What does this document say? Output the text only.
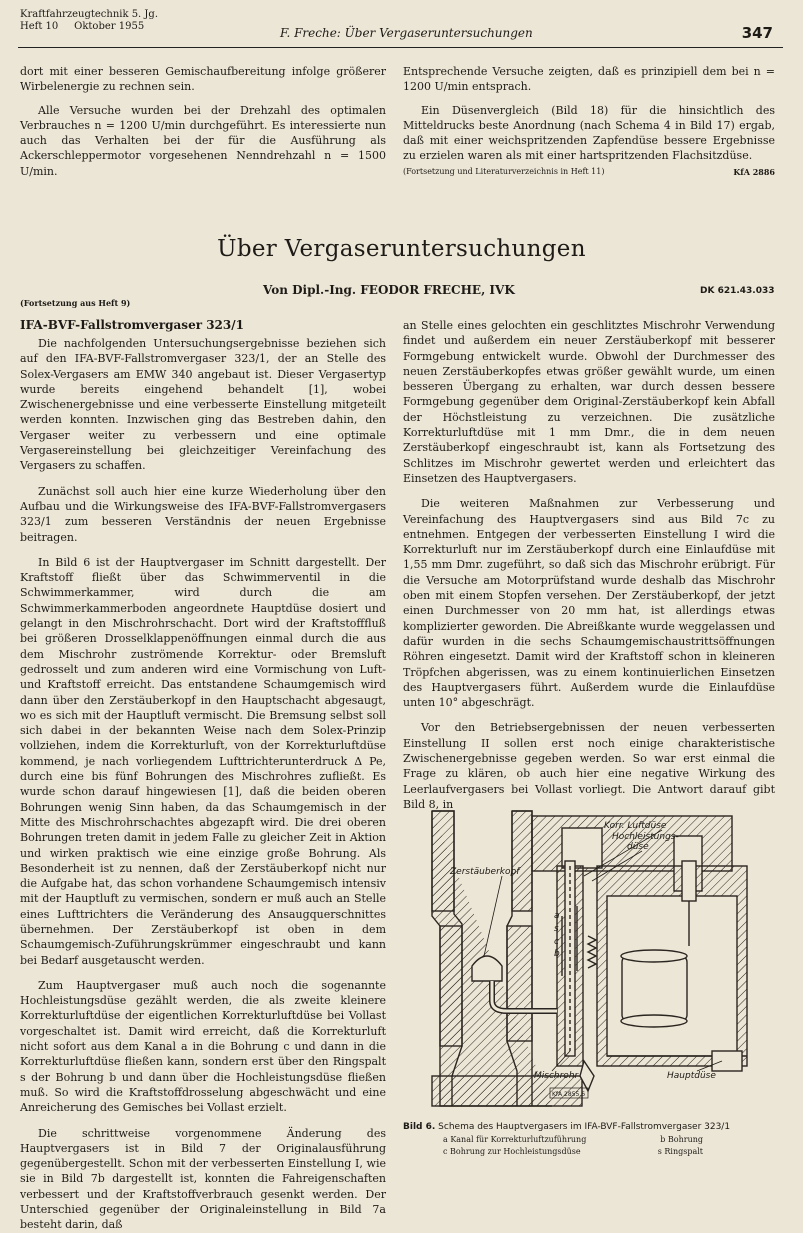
Kraftfahrzeugtechnik 5. Jg.
Heft 10     Oktober 1955	F. Freche: Über Vergaseruntersuchungen	347

dort mit einer besseren Gemischaufbereitung infolge größerer Wirbelenergie zu rechnen sein.

Alle Versuche wurden bei der Drehzahl des optimalen Verbrauches n = 1200 U/min durchgeführt. Es interessierte nun auch das Verhalten bei der für die Ausführung als Ackerschleppermotor vorgesehenen Nenndrehzahl n = 1500 U/min.

Entsprechende Versuche zeigten, daß es prinzipiell dem bei n = 1200 U/min entsprach.

Ein Düsenvergleich (Bild 18) für die hinsichtlich des Mitteldrucks beste Anordnung (nach Schema 4 in Bild 17) ergab, daß mit einer weichspritzenden Zapfendüse bessere Ergebnisse zu erzielen waren als mit einer hartspritzenden Flachsitzdüse.

(Fortsetzung und Literaturverzeichnis in Heft 11)	KfA 2886
Über Vergaseruntersuchungen
Von Dipl.-Ing. FEODOR FRECHE, IVK	DK 621.43.033
(Fortsetzung aus Heft 9)

IFA-BVF-Fallstromvergaser 323/1

Die nachfolgenden Untersuchungsergebnisse beziehen sich auf den IFA-BVF-Fallstromvergaser 323/1, der an Stelle des Solex-Vergasers am EMW 340 angebaut ist. Dieser Vergasertyp wurde bereits eingehend behandelt [1], wobei Zwischenergebnisse und eine verbesserte Einstellung mitgeteilt werden konnten. Inzwischen ging das Bestreben dahin, den Vergaser weiter zu verbessern und eine optimale Vergasereinstellung bei gleichzeitiger Vereinfachung des Vergasers zu schaffen.

Zunächst soll auch hier eine kurze Wiederholung über den Aufbau und die Wirkungsweise des IFA-BVF-Fallstromvergasers 323/1 zum besseren Verständnis der neuen Ergebnisse beitragen.

In Bild 6 ist der Hauptvergaser im Schnitt dargestellt. Der Kraftstoff fließt über das Schwimmerventil in die Schwimmerkammer, wird durch die am Schwimmerkammerboden angeordnete Hauptdüse dosiert und gelangt in den Mischrohrschacht. Dort wird der Kraftstofffluß bei größeren Drosselklappenöffnungen einmal durch die aus dem Mischrohr zuströmende Korrektur- oder Bremsluft gedrosselt und zum anderen wird eine Vormischung von Luft- und Kraftstoff erreicht. Das entstandene Schaumgemisch wird dann über den Zerstäuberkopf in den Hauptschacht abgesaugt, wo es sich mit der Hauptluft vermischt. Die Bremsung selbst soll sich dabei in der bekannten Weise nach dem Solex-Prinzip vollziehen, indem die Korrekturluft, von der Korrekturluftdüse kommend, je nach vorliegendem Lufttrichterunterdruck Δ Pe, durch eine bis fünf Bohrungen des Mischrohres zufließt. Es wurde schon darauf hingewiesen [1], daß die beiden oberen Bohrungen wenig Sinn haben, da das Schaumgemisch in der Mitte des Mischrohrschachtes abgezapft wird. Die drei oberen Bohrungen treten damit in jedem Falle zu gleicher Zeit in Aktion und wirken praktisch wie eine einzige große Bohrung. Als Besonderheit ist zu nennen, daß der Zerstäuberkopf nicht nur die Aufgabe hat, das schon vorhandene Schaumgemisch intensiv mit der Hauptluft zu vermischen, sondern er muß auch an Stelle eines Lufttrichters die Veränderung des Ansaugquerschnittes übernehmen. Der Zerstäuberkopf ist oben in dem Schaumgemisch-Zuführungskrümmer eingeschraubt und kann bei Bedarf ausgetauscht werden.

Zum Hauptvergaser muß auch noch die sogenannte Hochleistungsdüse gezählt werden, die als zweite kleinere Korrekturluftdüse der eigentlichen Korrekturluftdüse bei Vollast vorgeschaltet ist. Damit wird erreicht, daß die Korrekturluft nicht sofort aus dem Kanal a in die Bohrung c und dann in die Korrekturluftdüse fließen kann, sondern erst über den Ringspalt s der Bohrung b und dann über die Hochleistungsdüse fließen muß. So wird die Kraftstoffdrosselung abgeschwächt und eine Anreicherung des Gemisches bei Vollast erzielt.

Die schrittweise vorgenommene Änderung des Hauptvergasers ist in Bild 7 der Originalausführung gegenübergestellt. Schon mit der verbesserten Einstellung I, wie sie in Bild 7b dargestellt ist, konnten die Fahreigenschaften verbessert und der Kraftstoffverbrauch gesenkt werden. Der Unterschied gegenüber der Originaleinstellung in Bild 7a besteht darin, daß

an Stelle eines gelochten ein geschlitztes Mischrohr Verwendung findet und außerdem ein neuer Zerstäuberkopf mit besserer Formgebung entwickelt wurde. Obwohl der Durchmesser des neuen Zerstäuberkopfes etwas größer gewählt wurde, um einen besseren Übergang zu erhalten, war durch dessen bessere Formgebung gegenüber dem Original-Zerstäuberkopf kein Abfall der Höchstleistung zu verzeichnen. Die zusätzliche Korrekturluftdüse mit 1 mm Dmr., die in dem neuen Zerstäuberkopf eingeschraubt ist, kann als Fortsetzung des Schlitzes im Mischrohr gewertet werden und erleichtert das Einsetzen des Hauptvergasers.

Die weiteren Maßnahmen zur Verbesserung und Vereinfachung des Hauptvergasers sind aus Bild 7c zu entnehmen. Entgegen der verbesserten Einstellung I wird die Korrekturluft nur im Zerstäuberkopf durch eine Einlaufdüse mit 1,55 mm Dmr. zugeführt, so daß sich das Mischrohr erübrigt. Für die Versuche am Motorprüfstand wurde deshalb das Mischrohr oben mit einem Stopfen versehen. Der Zerstäuberkopf, der jetzt einen Durchmesser von 20 mm hat, ist allerdings etwas komplizierter geworden. Die Abreißkante wurde weggelassen und dafür wurden in die sechs Schaumgemischaustrittsöffnungen Röhren eingesetzt. Damit wird der Kraftstoff schon in kleineren Tröpfchen abgerissen, was zu einem kontinuierlichen Einsetzen des Hauptvergasers führt. Außerdem wurde die Einlaufdüse unten 10° abgeschrägt.

Vor den Betriebsergebnissen der neuen verbesserten Einstellung II sollen erst noch einige charakteristische Zwischenergebnisse gegeben werden. So war erst einmal die Frage zu klären, ob auch hier eine negative Wirkung des Leerlaufvergasers bei Vollast vorliegt. Die Antwort darauf gibt Bild 8, in

Korr. Luftdüse
Hochleistungs-
düse
Zerstäuberkopf
Mischrohr	Hauptdüse
a
s
c
b
KfA 2855.6
Bild 6. Schema des Hauptvergasers im IFA-BVF-Fallstromvergaser 323/1
a Kanal für Korrekturluftzuführung	b Bohrung
c Bohrung zur Hochleistungsdüse	s Ringspalt
